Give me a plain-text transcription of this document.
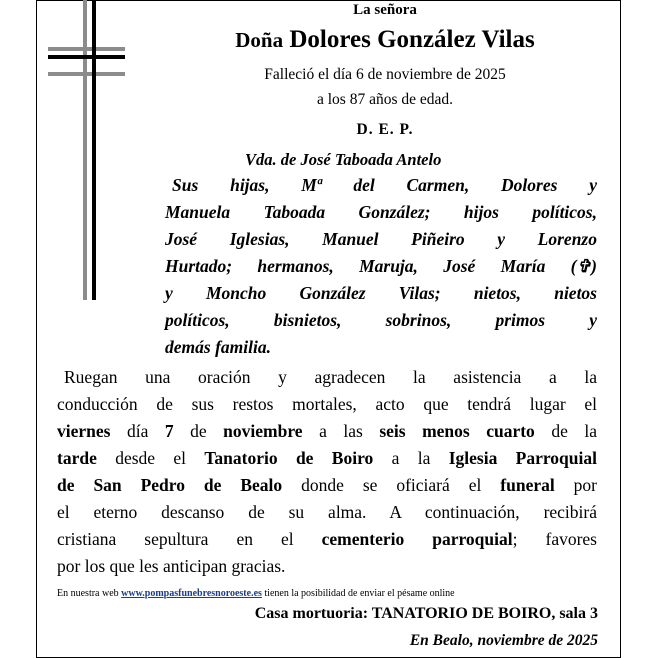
La señora
Doña Dolores González Vilas
Falleció el día 6 de noviembre de 2025
a los 87 años de edad.
D. E. P.
Vda. de José Taboada Antelo
Sus hijas, Mª del Carmen, Dolores y
Manuela Taboada González; hijos políticos,
José Iglesias, Manuel Piñeiro y Lorenzo
Hurtado; hermanos, Maruja, José María (✞)
y Moncho González Vilas; nietos, nietos
políticos, bisnietos, sobrinos, primos y
demás familia.
Ruegan una oración y agradecen la asistencia a la
conducción de sus restos mortales, acto que tendrá lugar el
viernes día 7 de noviembre a las seis menos cuarto de la
tarde desde el Tanatorio de Boiro a la Iglesia Parroquial
de San Pedro de Bealo donde se oficiará el funeral por
el eterno descanso de su alma. A continuación, recibirá
cristiana sepultura en el cementerio parroquial; favores
por los que les anticipan gracias.
En nuestra web www.pompasfunebresnoroeste.es tienen la posibilidad de enviar el pésame online
Casa mortuoria: TANATORIO DE BOIRO, sala 3
En Bealo, noviembre de 2025
